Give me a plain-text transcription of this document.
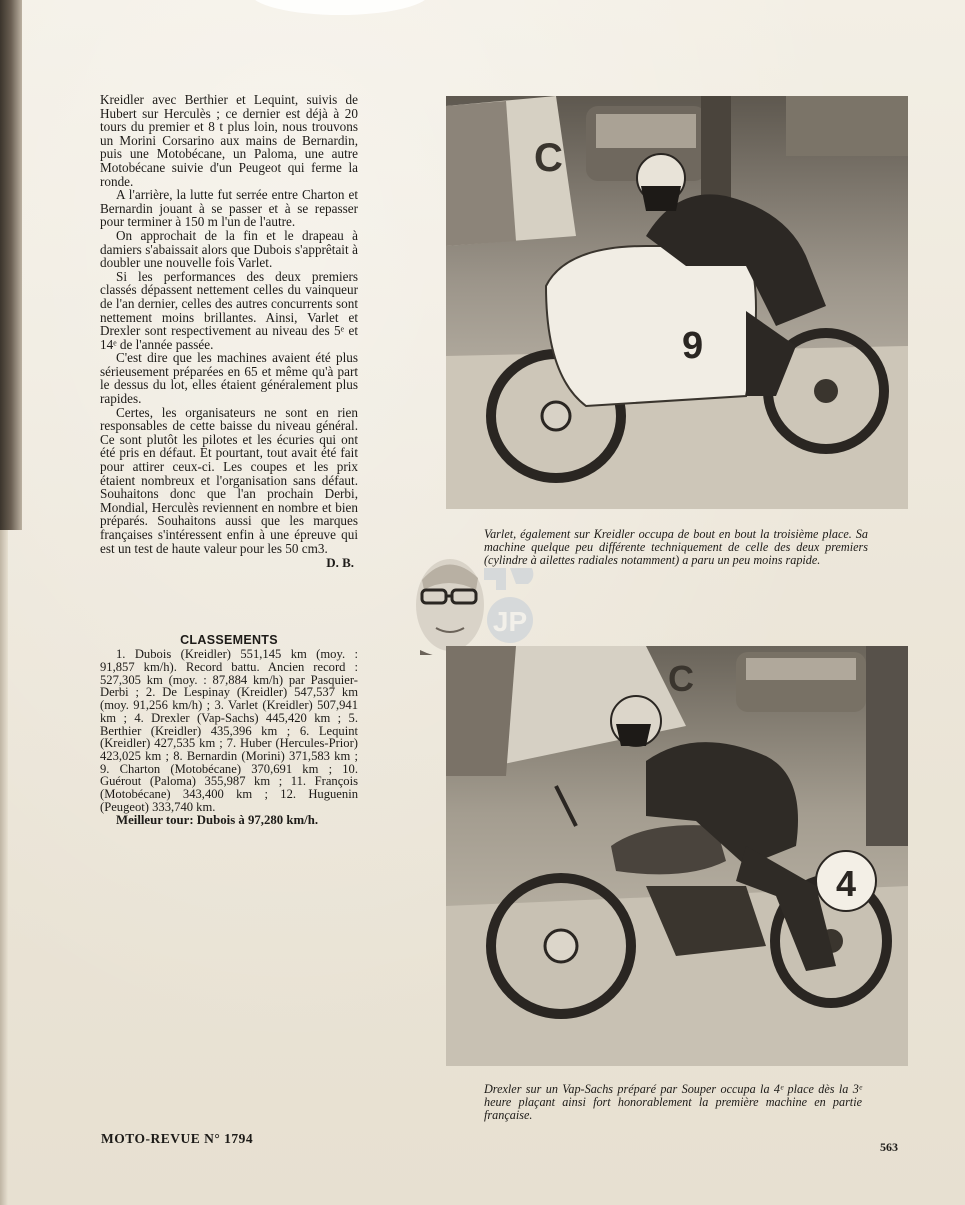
Kreidler avec Berthier et Lequint, suivis de Hubert sur Herculès ; ce dernier est déjà à 20 tours du premier et 8 t plus loin, nous trouvons un Morini Corsarino aux mains de Bernardin, puis une Motobécane, un Paloma, une autre Motobécane suivie d'un Peugeot qui ferme la ronde.

A l'arrière, la lutte fut serrée entre Charton et Bernardin jouant à se passer et à se repasser pour terminer à 150 m l'un de l'autre.

On approchait de la fin et le drapeau à damiers s'abaissait alors que Dubois s'apprêtait à doubler une nouvelle fois Varlet.

Si les performances des deux premiers classés dépassent nettement celles du vainqueur de l'an dernier, celles des autres concurrents sont nettement moins brillantes. Ainsi, Varlet et Drexler sont respectivement au niveau des 5ᵉ et 14ᵉ de l'année passée.

C'est dire que les machines avaient été plus sérieusement préparées en 65 et même qu'à part le dessus du lot, elles étaient généralement plus rapides.

Certes, les organisateurs ne sont en rien responsables de cette baisse du niveau général. Ce sont plutôt les pilotes et les écuries qui ont été pris en défaut. Et pourtant, tout avait été fait pour attirer ceux-ci. Les coupes et les prix étaient nombreux et l'organisation sans défaut. Souhaitons donc que l'an prochain Derbi, Mondial, Herculès reviennent en nombre et bien préparés. Souhaitons aussi que les marques françaises s'intéressent enfin à une épreuve qui est un test de haute valeur pour les 50 cm3.

D. B.
CLASSEMENTS

1. Dubois (Kreidler) 551,145 km (moy. : 91,857 km/h). Record battu. Ancien record : 527,305 km (moy. : 87,884 km/h) par Pasquier-Derbi ; 2. De Lespinay (Kreidler) 547,537 km (moy. 91,256 km/h) ; 3. Varlet (Kreidler) 507,941 km ; 4. Drexler (Vap-Sachs) 445,420 km ; 5. Berthier (Kreidler) 435,396 km ; 6. Lequint (Kreidler) 427,535 km ; 7. Huber (Hercules-Prior) 423,025 km ; 8. Bernardin (Morini) 371,583 km ; 9. Charton (Motobécane) 370,691 km ; 10. Guérout (Paloma) 355,987 km ; 11. François (Motobécane) 343,400 km ; 12. Huguenin (Peugeot) 333,740 km.

Meilleur tour: Dubois à 97,280 km/h.

C
9
Varlet, également sur Kreidler occupa de bout en bout la troisième place. Sa machine quelque peu différente techniquement de celle des deux premiers (cylindre à ailettes radiales notamment) a paru un peu moins rapide.
JP
C
4
Drexler sur un Vap-Sachs préparé par Souper occupa la 4ᵉ place dès la 3ᵉ heure plaçant ainsi fort honorablement la première machine en partie française.
MOTO-REVUE N° 1794
563
